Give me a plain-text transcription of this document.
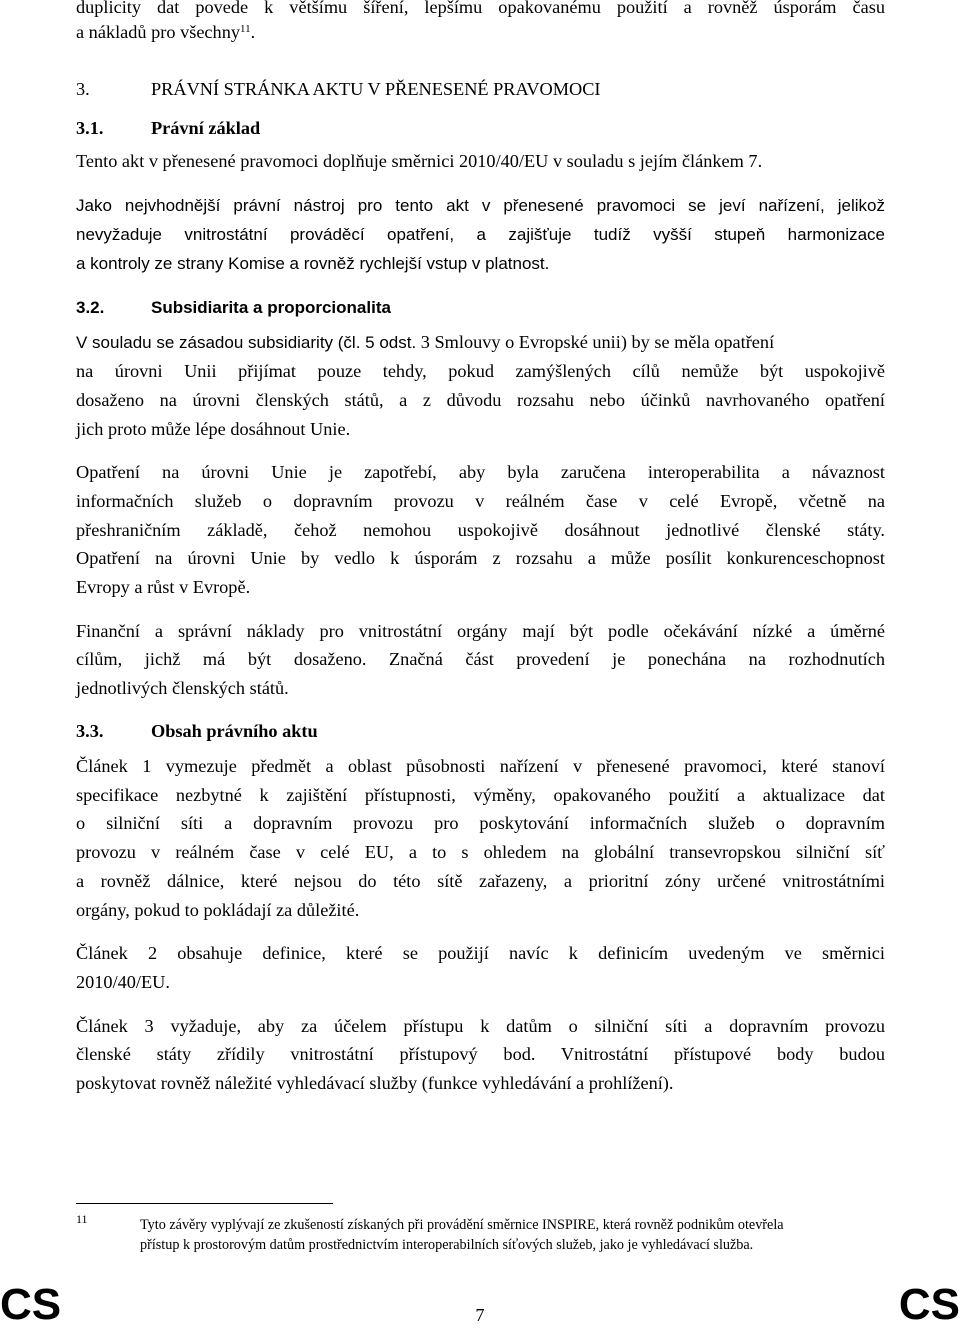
duplicity dat povede k většímu šíření, lepšímu opakovanému použití a rovněž úsporám času
a nákladů pro všechny$^{11}$.
3.	PRÁVNÍ STRÁNKA AKTU V PŘENESENÉ PRAVOMOCI
3.1.	Právní základ
Tento akt v přenesené pravomoci doplňuje směrnici 2010/40/EU v souladu s jejím článkem 7.
Jako nejvhodnější právní nástroj pro tento akt v přenesené pravomoci se jeví nařízení, jelikož
nevyžaduje vnitrostátní prováděcí opatření, a zajišťuje tudíž vyšší stupeň harmonizace
a kontroly ze strany Komise a rovněž rychlejší vstup v platnost.
3.2.	Subsidiarita a proporcionalita
V souladu se zásadou subsidiarity (čl. 5 odst. 3 Smlouvy o Evropské unii) by se měla opatření
na úrovni Unii přijímat pouze tehdy, pokud zamýšlených cílů nemůže být uspokojivě
dosaženo na úrovni členských států, a z důvodu rozsahu nebo účinků navrhovaného opatření
jich proto může lépe dosáhnout Unie.
Opatření na úrovni Unie je zapotřebí, aby byla zaručena interoperabilita a návaznost
informačních služeb o dopravním provozu v reálném čase v celé Evropě, včetně na
přeshraničním základě, čehož nemohou uspokojivě dosáhnout jednotlivé členské státy.
Opatření na úrovni Unie by vedlo k úsporám z rozsahu a může posílit konkurenceschopnost
Evropy a růst v Evropě.
Finanční a správní náklady pro vnitrostátní orgány mají být podle očekávání nízké a úměrné
cílům, jichž má být dosaženo. Značná část provedení je ponechána na rozhodnutích
jednotlivých členských států.
3.3.	Obsah právního aktu
Článek 1 vymezuje předmět a oblast působnosti nařízení v přenesené pravomoci, které stanoví
specifikace nezbytné k zajištění přístupnosti, výměny, opakovaného použití a aktualizace dat
o silniční síti a dopravním provozu pro poskytování informačních služeb o dopravním
provozu v reálném čase v celé EU, a to s ohledem na globální transevropskou silniční síť
a rovněž dálnice, které nejsou do této sítě zařazeny, a prioritní zóny určené vnitrostátními
orgány, pokud to pokládají za důležité.
Článek 2 obsahuje definice, které se použijí navíc k definicím uvedeným ve směrnici
2010/40/EU.
Článek 3 vyžaduje, aby za účelem přístupu k datům o silniční síti a dopravním provozu
členské státy zřídily vnitrostátní přístupový bod. Vnitrostátní přístupové body budou
poskytovat rovněž náležité vyhledávací služby (funkce vyhledávání a prohlížení).
11	Tyto závěry vyplývají ze zkušeností získaných při provádění směrnice INSPIRE, která rovněž podnikům otevřela
přístup k prostorovým datům prostřednictvím interoperabilních síťových služeb, jako je vyhledávací služba.
CS	7	CS
